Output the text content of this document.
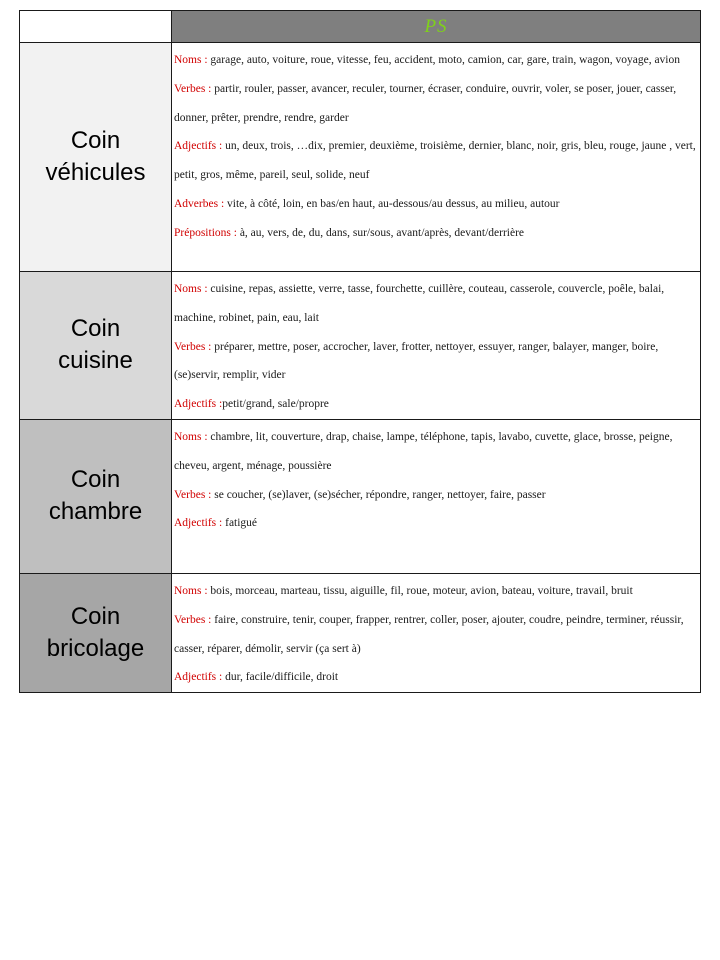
	PS

Coin
véhicules	Noms : garage, auto, voiture, roue, vitesse, feu, accident, moto, camion, car, gare, train, wagon, voyage, avion
Verbes : partir, rouler, passer, avancer, reculer, tourner, écraser, conduire, ouvrir, voler, se poser, jouer, casser, donner, prêter, prendre, rendre, garder
Adjectifs : un, deux, trois, …dix, premier, deuxième, troisième, dernier, blanc, noir, gris, bleu, rouge, jaune , vert, petit, gros, même, pareil, seul, solide, neuf
Adverbes : vite, à côté, loin, en bas/en haut, au-dessous/au dessus, au milieu, autour
Prépositions : à, au, vers, de, du, dans, sur/sous, avant/après, devant/derrière

Coin
cuisine	Noms : cuisine, repas, assiette, verre, tasse, fourchette, cuillère, couteau, casserole, couvercle, poêle, balai, machine, robinet, pain, eau, lait
Verbes : préparer, mettre, poser, accrocher, laver, frotter, nettoyer, essuyer, ranger, balayer, manger, boire, (se)servir, remplir, vider
Adjectifs :petit/grand, sale/propre

Coin
chambre	Noms : chambre, lit, couverture, drap, chaise, lampe, téléphone, tapis, lavabo, cuvette, glace, brosse, peigne, cheveu, argent, ménage, poussière
Verbes : se coucher, (se)laver, (se)sécher, répondre, ranger, nettoyer, faire, passer
Adjectifs : fatigué

Coin
bricolage	Noms : bois, morceau, marteau, tissu, aiguille, fil, roue, moteur, avion, bateau, voiture, travail, bruit
Verbes : faire, construire, tenir, couper, frapper, rentrer, coller, poser, ajouter, coudre, peindre, terminer, réussir, casser, réparer, démolir, servir (ça sert à)
Adjectifs : dur, facile/difficile, droit
